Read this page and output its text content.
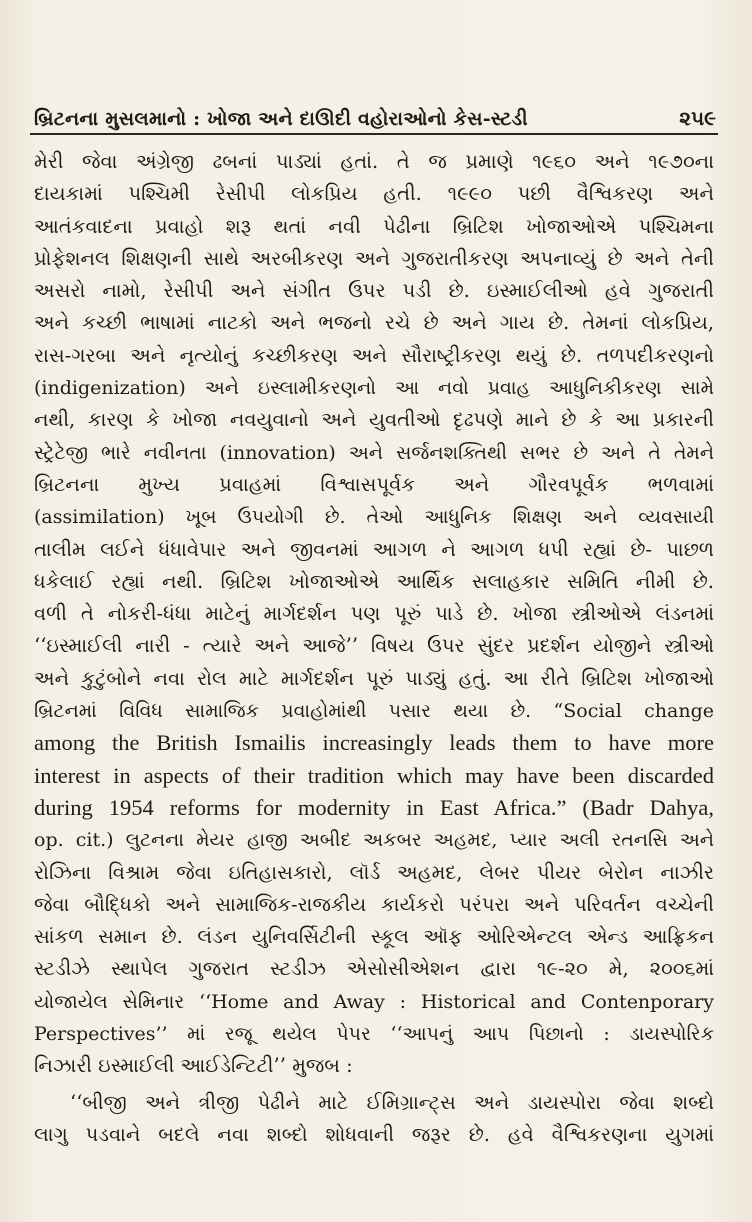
બ્રિટનના મુસલમાનો : ખોજા અને દાઊદી વહોરાઓનો કેસ-સ્ટડી	૨૫૯
મેરી જેવા અંગ્રેજી ઢબનાં પાડ્યાં હતાં. તે જ પ્રમાણે ૧૯૬૦ અને ૧૯૭૦ના
દાયકામાં પશ્ચિમી રેસીપી લોકપ્રિય હતી. ૧૯૯૦ પછી વૈશ્વિકરણ અને
આતંકવાદના પ્રવાહો શરૂ થતાં નવી પેઢીના બ્રિટિશ ખોજાઓએ પશ્ચિમના
પ્રોફેશનલ શિક્ષણની સાથે અરબીકરણ અને ગુજરાતીકરણ અપનાવ્યું છે અને તેની
અસરો નામો, રેસીપી અને સંગીત ઉપર પડી છે. ઇસ્માઈલીઓ હવે ગુજરાતી
અને કચ્છી ભાષામાં નાટકો અને ભજનો રચે છે અને ગાય છે. તેમનાં લોકપ્રિય,
રાસ-ગરબા અને નૃત્યોનું કચ્છીકરણ અને સૌરાષ્ટ્રીકરણ થયું છે. તળપદીકરણનો
(indigenization) અને ઇસ્લામીકરણનો આ નવો પ્રવાહ આધુનિકીકરણ સામે
નથી, કારણ કે ખોજા નવયુવાનો અને યુવતીઓ દૃઢપણે માને છે કે આ પ્રકારની
સ્ટ્રેટેજી ભારે નવીનતા (innovation) અને સર્જનશક્તિથી સભર છે અને તે તેમને
બ્રિટનના મુખ્ય પ્રવાહમાં વિશ્વાસપૂર્વક અને ગૌરવપૂર્વક ભળવામાં
(assimilation) ખૂબ ઉપયોગી છે. તેઓ આધુનિક શિક્ષણ અને વ્યવસાયી
તાલીમ લઈને ધંધાવેપાર અને જીવનમાં આગળ ને આગળ ધપી રહ્યાં છે- પાછળ
ધકેલાઈ રહ્યાં નથી. બ્રિટિશ ખોજાઓએ આર્થિક સલાહકાર સમિતિ નીમી છે.
વળી તે નોકરી-ધંધા માટેનું માર્ગદર્શન પણ પૂરું પાડે છે. ખોજા સ્ત્રીઓએ લંડનમાં
‘‘ઇસ્માઈલી નારી - ત્યારે અને આજે’’ વિષય ઉપર સુંદર પ્રદર્શન યોજીને સ્ત્રીઓ
અને કુટુંબોને નવા રોલ માટે માર્ગદર્શન પૂરું પાડ્યું હતું. આ રીતે બ્રિટિશ ખોજાઓ
બ્રિટનમાં વિવિધ સામાજિક પ્રવાહોમાંથી પસાર થયા છે. “Social change
among the British Ismailis increasingly leads them to have more
interest in aspects of their tradition which may have been discarded
during 1954 reforms for modernity in East Africa.” (Badr Dahya,
op. cit.) લુટનના મેયર હાજી અબીદ અકબર અહમદ, પ્યાર અલી રતનસિ અને
રોઝિના વિશ્રામ જેવા ઇતિહાસકારો, લૉર્ડ અહમદ, લેબર પીયર બેરોન નાઝીર
જેવા બૌદ્ધિકો અને સામાજિક-રાજકીય કાર્યકરો પરંપરા અને પરિવર્તન વચ્ચેની
સાંકળ સમાન છે. લંડન યુનિવર્સિટીની સ્કૂલ ઑફ ઓરિએન્ટલ એન્ડ આફ્રિકન
સ્ટડીઝે સ્થાપેલ ગુજરાત સ્ટડીઝ એસોસીએશન દ્વારા ૧૯-૨૦ મે, ૨૦૦૬માં
યોજાયેલ સેમિનાર ‘‘Home and Away : Historical and Contenporary
Perspectives’’ માં રજૂ થયેલ પેપર ‘‘આપનું આપ પિછાનો : ડાયસ્પોરિક
નિઝારી ઇસ્માઈલી આઈડેન્ટિટી’’ મુજબ :
‘‘બીજી અને ત્રીજી પેઢીને માટે ઈમિગ્રાન્ટ્સ અને ડાયસ્પોરા જેવા શબ્દો
લાગુ પડવાને બદલે નવા શબ્દો શોધવાની જરૂર છે. હવે વૈશ્વિકરણના યુગમાં
